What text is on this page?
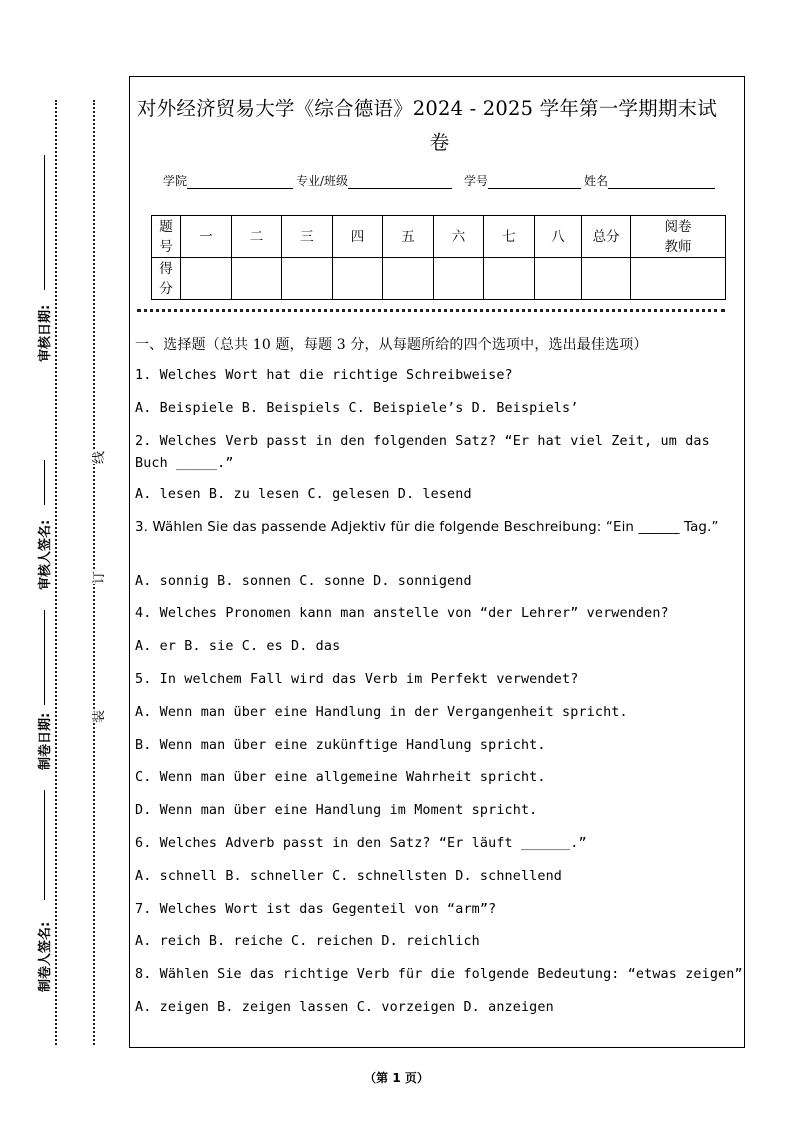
审核日期:
审核人签名:
制卷日期:
制卷人签名:
线
订
装
对外经济贸易大学《综合德语》2024 - 2025 学年第一学期期末试
卷
学院	专业/班级	学号	姓名
题号	一	二	三	四	五	六	七	八	总分	阅卷教师
得分										
一、选择题（总共 10 题，每题 3 分，从每题所给的四个选项中，选出最佳选项）
1. Welches Wort hat die richtige Schreibweise?
A. Beispiele B. Beispiels C. Beispiele’s D. Beispiels’
2. Welches Verb passt in den folgenden Satz? “Er hat viel Zeit, um das Buch _____.”
A. lesen B. zu lesen C. gelesen D. lesend
3. Wählen Sie das passende Adjektiv für die folgende Beschreibung: “Ein ______ Tag.”
A. sonnig B. sonnen C. sonne D. sonnigend
4. Welches Pronomen kann man anstelle von “der Lehrer” verwenden?
A. er B. sie C. es D. das
5. In welchem Fall wird das Verb im Perfekt verwendet?
A. Wenn man über eine Handlung in der Vergangenheit spricht.
B. Wenn man über eine zukünftige Handlung spricht.
C. Wenn man über eine allgemeine Wahrheit spricht.
D. Wenn man über eine Handlung im Moment spricht.
6. Welches Adverb passt in den Satz? “Er läuft ______.”
A. schnell B. schneller C. schnellsten D. schnellend
7. Welches Wort ist das Gegenteil von “arm”?
A. reich B. reiche C. reichen D. reichlich
8. Wählen Sie das richtige Verb für die folgende Bedeutung: “etwas zeigen”
A. zeigen B. zeigen lassen C. vorzeigen D. anzeigen
（第 1 页）
